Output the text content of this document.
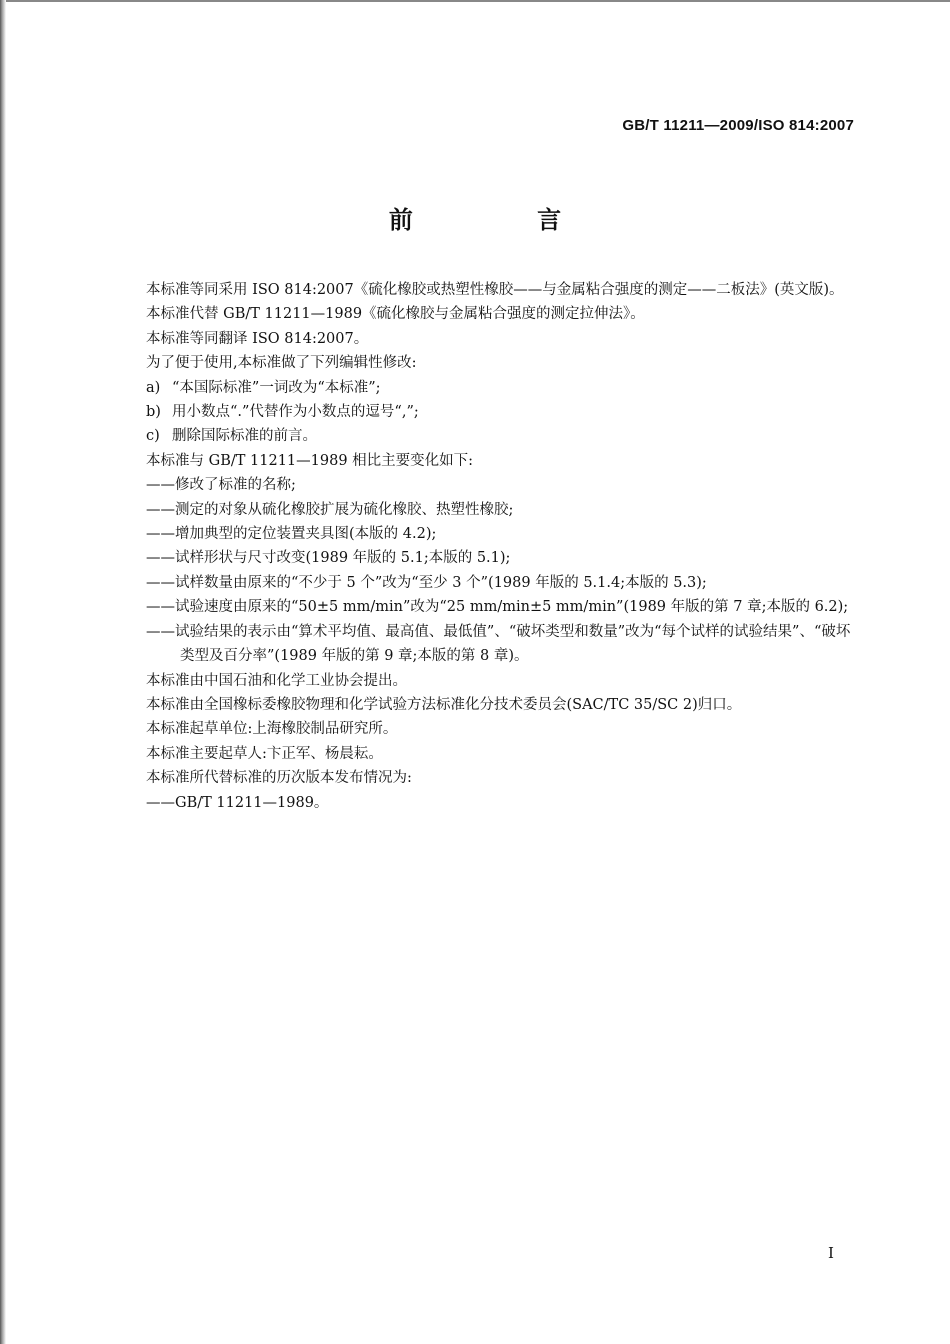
GB/T 11211—2009/ISO 814:2007
前 言

本标准等同采用 ISO 814:2007《硫化橡胶或热塑性橡胶——与金属粘合强度的测定——二板法》(英文版)。

本标准代替 GB/T 11211—1989《硫化橡胶与金属粘合强度的测定拉伸法》。

本标准等同翻译 ISO 814:2007。

为了便于使用,本标准做了下列编辑性修改:

a) “本国际标准”一词改为“本标准”;

b) 用小数点“.”代替作为小数点的逗号“,”;

c) 删除国际标准的前言。

本标准与 GB/T 11211—1989 相比主要变化如下:

——修改了标准的名称;

——测定的对象从硫化橡胶扩展为硫化橡胶、热塑性橡胶;

——增加典型的定位装置夹具图(本版的 4.2);

——试样形状与尺寸改变(1989 年版的 5.1;本版的 5.1);

——试样数量由原来的“不少于 5 个”改为“至少 3 个”(1989 年版的 5.1.4;本版的 5.3);

——试验速度由原来的“50±5 mm/min”改为“25 mm/min±5 mm/min”(1989 年版的第 7 章;本版的 6.2);

——试验结果的表示由“算术平均值、最高值、最低值”、“破坏类型和数量”改为“每个试样的试验结果”、“破坏类型及百分率”(1989 年版的第 9 章;本版的第 8 章)。

本标准由中国石油和化学工业协会提出。

本标准由全国橡标委橡胶物理和化学试验方法标准化分技术委员会(SAC/TC 35/SC 2)归口。

本标准起草单位:上海橡胶制品研究所。

本标准主要起草人:卞正军、杨晨耘。

本标准所代替标准的历次版本发布情况为:

——GB/T 11211—1989。

I
